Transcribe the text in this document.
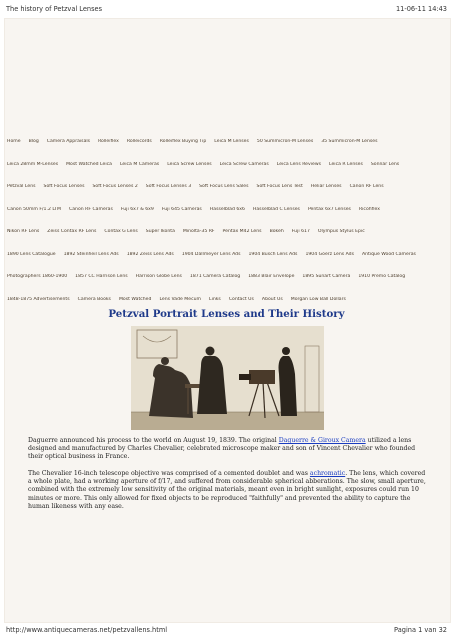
The history of Petzval Lenses	11-06-11 14:43
Home Blog Camera Appraisals Rolleiflex Rolleicords Rolleiflex Buying Tip Leica M Lenses 50 Summicron-M Lenses 35 Summicron-M Lenses
Leica 28mm M-Lenses Most Watched Leica Leica M Cameras Leica Screw Lenses Leica Screw Cameras Leica Lens Reviews Leica R Lenses Sonnar Lens
Petzval Lens Soft Focus Lenses Soft Focus Lenses 2 Soft Focus Lenses 3 Soft Focus Lens Sales Soft Focus Lens Test Heliar Lenses Canon RF Lens
Canon 50mm F/1.2 LTM Canon RF Cameras Fuji 6x7 & 6x9 Fuji 645 Cameras Hasselblad 6x6 Hasselblad C Lenses Pentax 6x7 Lenses Ricohflex
Nikon RF Lens Zeiss Contax RF Lens Contax G Lens Super Ikonta Minolta-35 RF Pentax M42 Lens Bokeh Fuji 617 Olympus Stylus Epic
1890 Lens Catalogue 1892 Steinheil Lens Ads 1892 Zeiss Lens Ads 1904 Dallmeyer Lens Ads 1904 Busch Lens Ads 1904 Goerz Lens Ads Antique Wood Cameras
Photographers 1860-1900 1857 CC Harrison Lens Harrison Globe Lens 1871 Camera Catalog 1883 Blair Envelope 1895 Sunart Camera 1910 Premo Catalog
1848-1875 Advertisements Camera Books Most Watched Lens Vade Mecum Links Contact Us About Us Morgan Low Ball Dollars
Petzval Portrait Lenses and Their History

Daguerre announced his process to the world on August 19, 1839. The original Daguerre & Giroux Camera utilized a lens designed and manufactured by Charles Chevalier, celebrated microscope maker and son of Vincent Chevalier who founded their optical business in France.

The Chevalier 16-inch telescope objective was comprised of a cemented doublet and was achromatic. The lens, which covered a whole plate, had a working aperture of f/17, and suffered from considerable spherical abberations. The slow, small aperture, combined with the extremely low sensitivity of the original materials, meant even in bright sunlight, exposures could run 10 minutes or more. This only allowed for fixed objects to be reproduced "faithfully" and prevented the ability to capture the human likeness with any ease.

http://www.antiquecameras.net/petzvallens.html	Pagina 1 van 32
